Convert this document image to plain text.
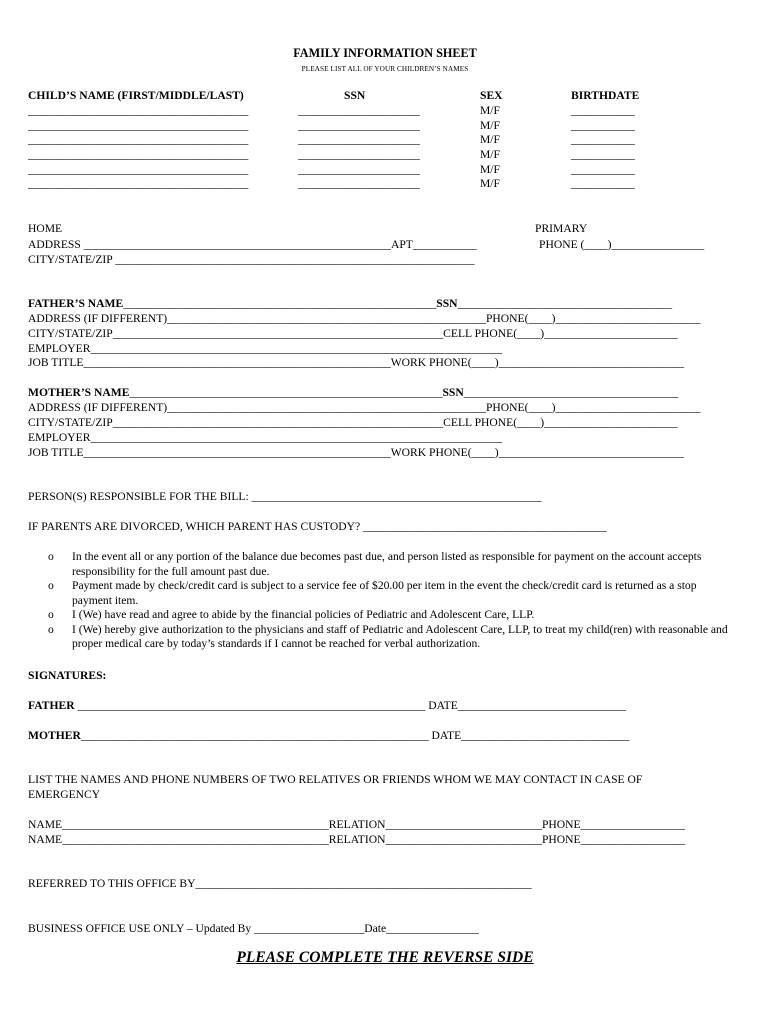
FAMILY INFORMATION SHEET
PLEASE LIST ALL OF YOUR CHILDREN’S NAMES
CHILD’S NAME (FIRST/MIDDLE/LAST)	SSN	SEX	BIRTHDATE
______________________________________	_____________________	M/F	___________
______________________________________	_____________________	M/F	___________
______________________________________	_____________________	M/F	___________
______________________________________	_____________________	M/F	___________
______________________________________	_____________________	M/F	___________
______________________________________	_____________________	M/F	___________
HOME	PRIMARY
ADDRESS _____________________________________________________APT___________	PHONE (____)________________
CITY/STATE/ZIP ______________________________________________________________
FATHER’S NAME______________________________________________________SSN_____________________________________
ADDRESS (IF DIFFERENT)_______________________________________________________PHONE(____)_________________________
CITY/STATE/ZIP_________________________________________________________CELL PHONE(____)_______________________
EMPLOYER_______________________________________________________________________
JOB TITLE_____________________________________________________WORK PHONE(____)________________________________
MOTHER’S NAME______________________________________________________SSN_____________________________________
ADDRESS (IF DIFFERENT)_______________________________________________________PHONE(____)_________________________
CITY/STATE/ZIP_________________________________________________________CELL PHONE(____)_______________________
EMPLOYER_______________________________________________________________________
JOB TITLE_____________________________________________________WORK PHONE(____)________________________________
PERSON(S) RESPONSIBLE FOR THE BILL: __________________________________________________
IF PARENTS ARE DIVORCED, WHICH PARENT HAS CUSTODY? __________________________________________
o In the event all or any portion of the balance due becomes past due, and person listed as responsible for payment on the account accepts responsibility for the full amount past due.
o Payment made by check/credit card is subject to a service fee of $20.00 per item in the event the check/credit card is returned as a stop payment item.
o I (We) have read and agree to abide by the financial policies of Pediatric and Adolescent Care, LLP.
o I (We) hereby give authorization to the physicians and staff of Pediatric and Adolescent Care, LLP, to treat my child(ren) with reasonable and proper medical care by today’s standards if I cannot be reached for verbal authorization.
SIGNATURES:
FATHER ____________________________________________________________ DATE_____________________________
MOTHER____________________________________________________________ DATE_____________________________
LIST THE NAMES AND PHONE NUMBERS OF TWO RELATIVES OR FRIENDS WHOM WE MAY CONTACT IN CASE OF
EMERGENCY
NAME______________________________________________RELATION___________________________PHONE__________________
NAME______________________________________________RELATION___________________________PHONE__________________
REFERRED TO THIS OFFICE BY__________________________________________________________
BUSINESS OFFICE USE ONLY – Updated By ___________________Date________________
PLEASE COMPLETE THE REVERSE SIDE
